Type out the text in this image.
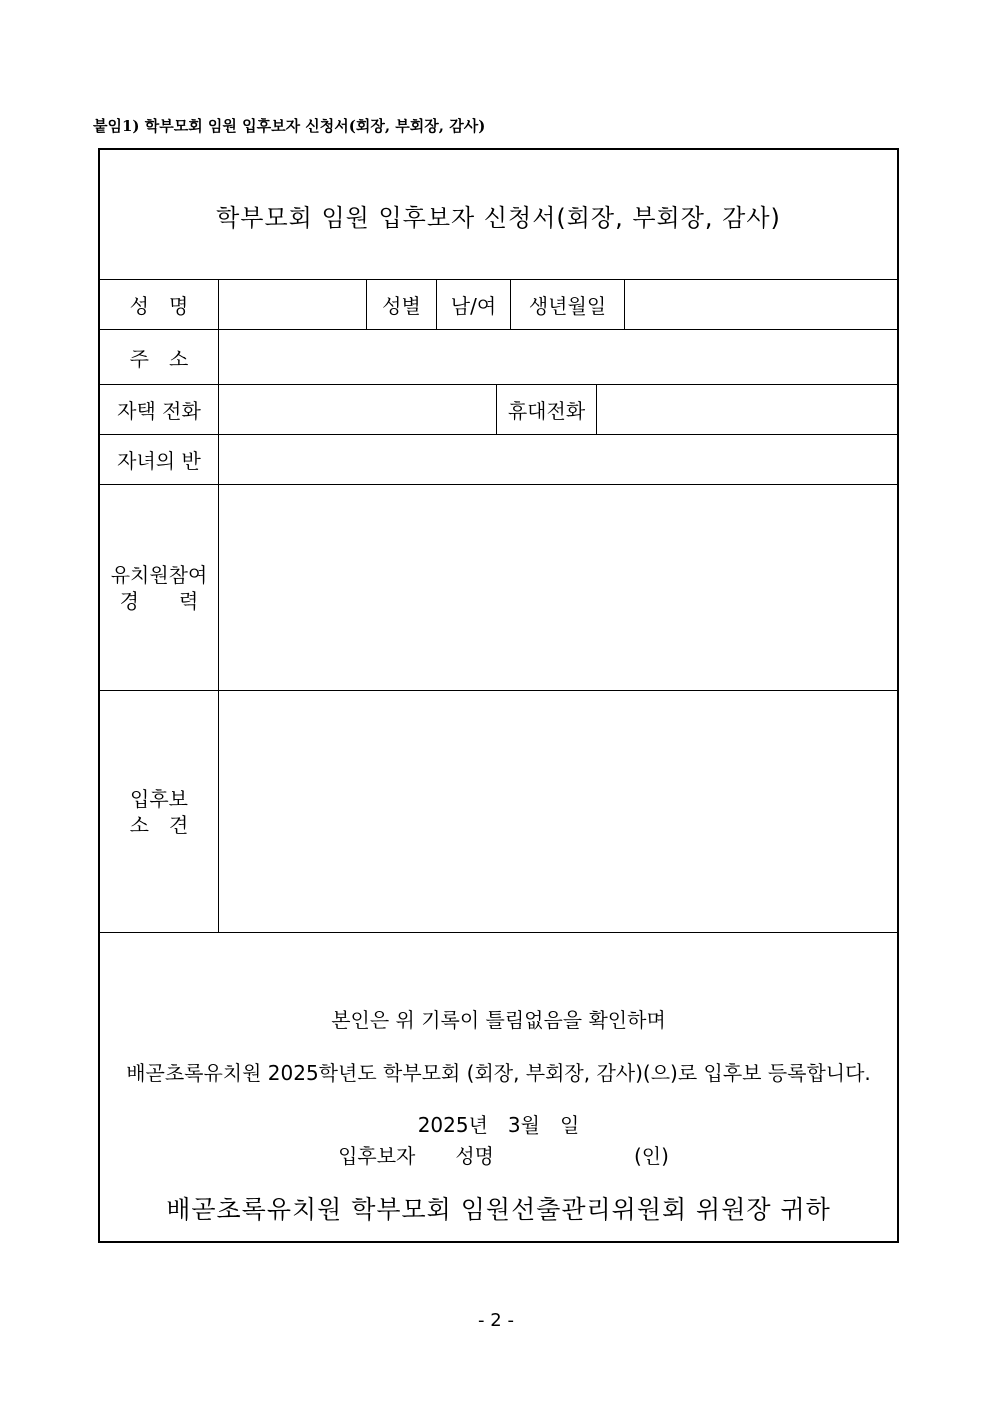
붙임1) 학부모회 임원 입후보자 신청서(회장, 부회장, 감사)
학부모회 임원 입후보자 신청서(회장, 부회장, 감사)
성　명	성별	남/여	생년월일
주　소
자택 전화	휴대전화
자녀의 반
유치원참여
경　　력
입후보
소　견
본인은 위 기록이 틀림없음을 확인하며
배곧초록유치원 2025학년도 학부모회 (회장, 부회장, 감사)(으)로 입후보 등록합니다.
2025년　3월　일
입후보자　　성명　　　　　　　(인)
배곧초록유치원 학부모회 임원선출관리위원회 위원장 귀하
- 2 -
